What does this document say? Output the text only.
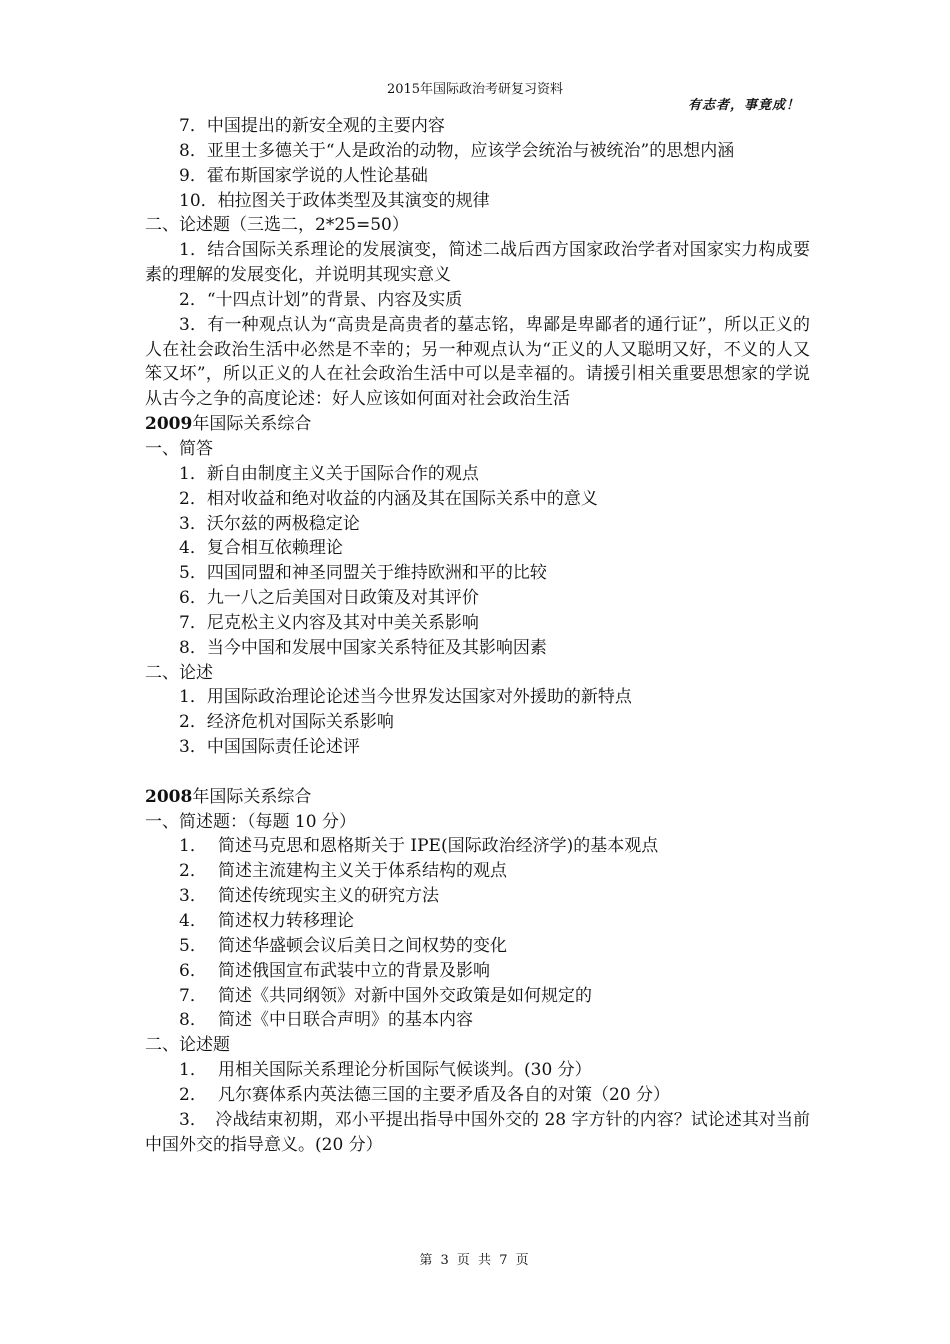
2015年国际政治考研复习资料
有志者，事竟成！
7．中国提出的新安全观的主要内容
8．亚里士多德关于“人是政治的动物，应该学会统治与被统治”的思想内涵
9．霍布斯国家学说的人性论基础
10．柏拉图关于政体类型及其演变的规律
二、论述题（三选二，2*25=50）
1．结合国际关系理论的发展演变，简述二战后西方国家政治学者对国家实力构成要素的理解的发展变化，并说明其现实意义
2．“十四点计划”的背景、内容及实质
3．有一种观点认为“高贵是高贵者的墓志铭，卑鄙是卑鄙者的通行证”，所以正义的人在社会政治生活中必然是不幸的；另一种观点认为“正义的人又聪明又好，不义的人又笨又坏”，所以正义的人在社会政治生活中可以是幸福的。请援引相关重要思想家的学说从古今之争的高度论述：好人应该如何面对社会政治生活
2009年国际关系综合
一、简答
1．新自由制度主义关于国际合作的观点
2．相对收益和绝对收益的内涵及其在国际关系中的意义
3．沃尔兹的两极稳定论
4．复合相互依赖理论
5．四国同盟和神圣同盟关于维持欧洲和平的比较
6．九一八之后美国对日政策及对其评价
7．尼克松主义内容及其对中美关系影响
8．当今中国和发展中国家关系特征及其影响因素
二、论述
1．用国际政治理论论述当今世界发达国家对外援助的新特点
2．经济危机对国际关系影响
3．中国国际责任论述评
2008年国际关系综合
一、简述题：（每题 10 分）
1． 简述马克思和恩格斯关于 IPE(国际政治经济学)的基本观点
2． 简述主流建构主义关于体系结构的观点
3． 简述传统现实主义的研究方法
4． 简述权力转移理论
5． 简述华盛顿会议后美日之间权势的变化
6． 简述俄国宣布武装中立的背景及影响
7． 简述《共同纲领》对新中国外交政策是如何规定的
8． 简述《中日联合声明》的基本内容
二、论述题
1． 用相关国际关系理论分析国际气候谈判。(30 分）
2． 凡尔赛体系内英法德三国的主要矛盾及各自的对策（20 分）
3．　冷战结束初期，邓小平提出指导中国外交的 28 字方针的内容？试论述其对当前中国外交的指导意义。(20 分）
第 3 页 共 7 页
